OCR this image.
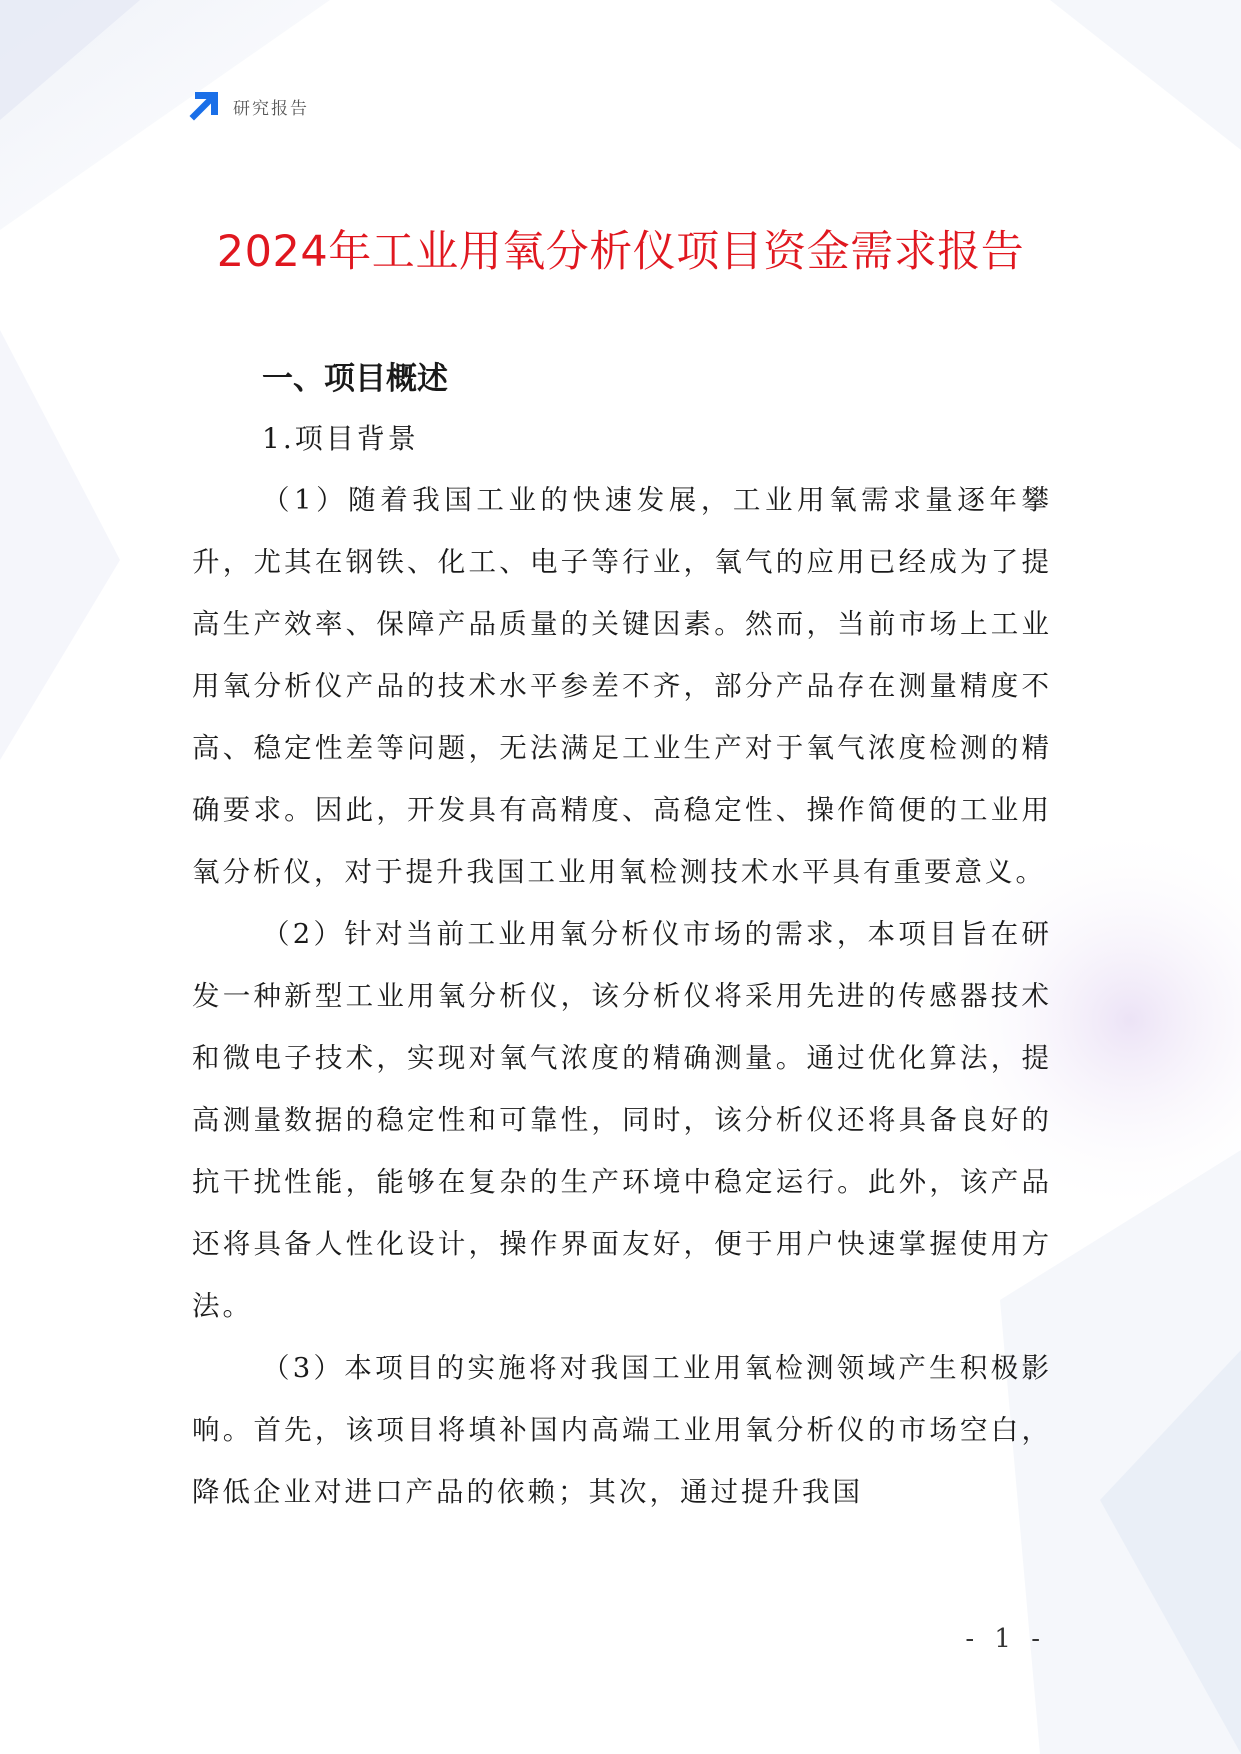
研究报告
2024年工业用氧分析仪项目资金需求报告
一、项目概述
1.项目背景

（1）随着我国工业的快速发展，工业用氧需求量逐年攀升，尤其在钢铁、化工、电子等行业，氧气的应用已经成为了提高生产效率、保障产品质量的关键因素。然而，当前市场上工业用氧分析仪产品的技术水平参差不齐，部分产品存在测量精度不高、稳定性差等问题，无法满足工业生产对于氧气浓度检测的精确要求。因此，开发具有高精度、高稳定性、操作简便的工业用氧分析仪，对于提升我国工业用氧检测技术水平具有重要意义。

（2）针对当前工业用氧分析仪市场的需求，本项目旨在研发一种新型工业用氧分析仪，该分析仪将采用先进的传感器技术和微电子技术，实现对氧气浓度的精确测量。通过优化算法，提高测量数据的稳定性和可靠性，同时，该分析仪还将具备良好的抗干扰性能，能够在复杂的生产环境中稳定运行。此外，该产品还将具备人性化设计，操作界面友好，便于用户快速掌握使用方法。

（3）本项目的实施将对我国工业用氧检测领域产生积极影响。首先，该项目将填补国内高端工业用氧分析仪的市场空白，降低企业对进口产品的依赖；其次，通过提升我国

- 1 -
